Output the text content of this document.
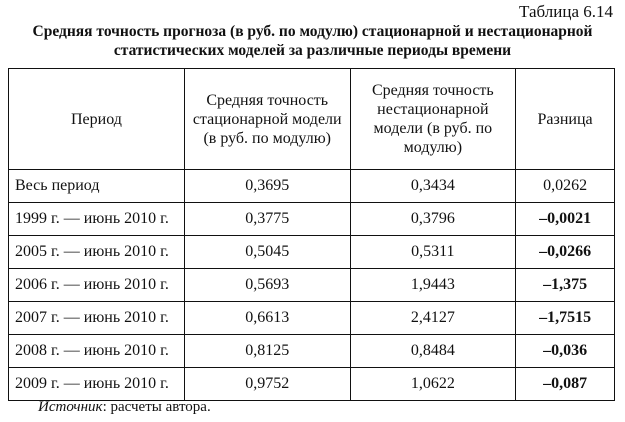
Таблица 6.14
Средняя точность прогноза (в руб. по модулю) стационарной и нестационарной
статистических моделей за различные периоды времени
Период	Средняя точность стационарной модели (в руб. по модулю)	Средняя точность нестационарной модели (в руб. по модулю)	Разница
Весь период	0,3695	0,3434	0,0262
1999 г. — июнь 2010 г.	0,3775	0,3796	–0,0021
2005 г. — июнь 2010 г.	0,5045	0,5311	–0,0266
2006 г. — июнь 2010 г.	0,5693	1,9443	–1,375
2007 г. — июнь 2010 г.	0,6613	2,4127	–1,7515
2008 г. — июнь 2010 г.	0,8125	0,8484	–0,036
2009 г. — июнь 2010 г.	0,9752	1,0622	–0,087
Источник: расчеты автора.
